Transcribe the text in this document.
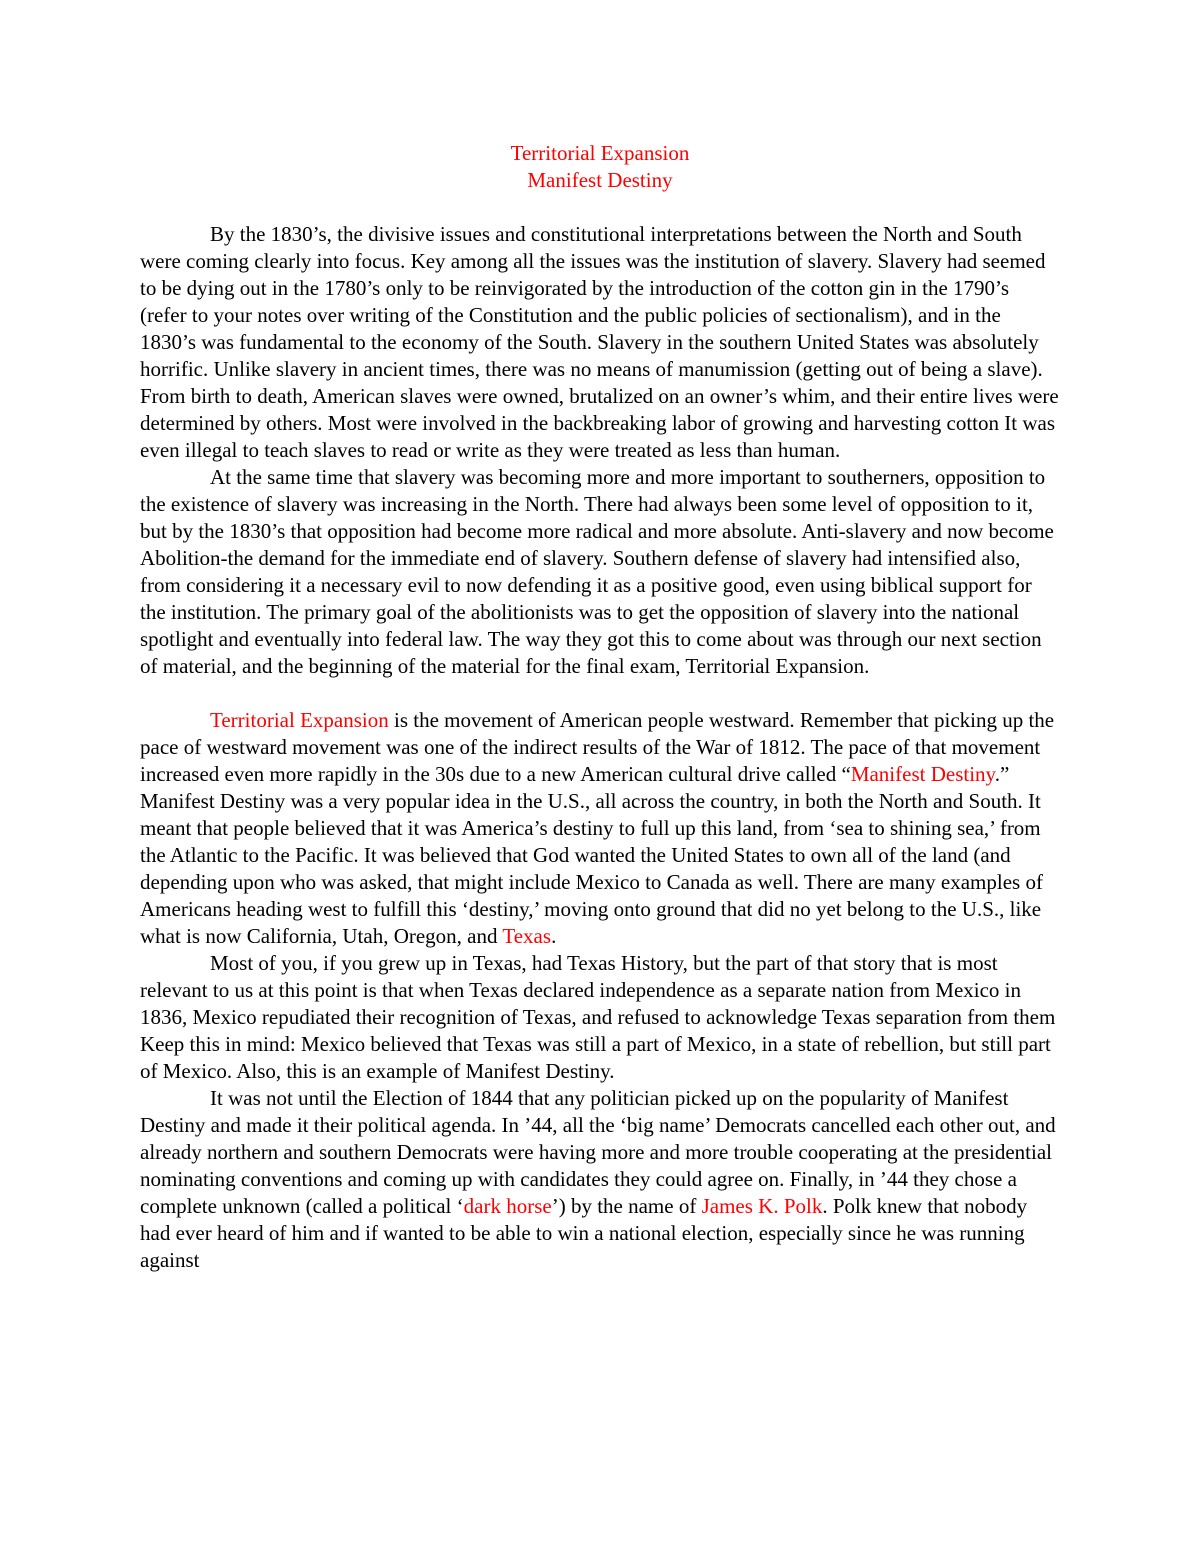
Territorial Expansion
Manifest Destiny

By the 1830’s, the divisive issues and constitutional interpretations between the North and South were coming clearly into focus. Key among all the issues was the institution of slavery. Slavery had seemed to be dying out in the 1780’s only to be reinvigorated by the introduction of the cotton gin in the 1790’s (refer to your notes over writing of the Constitution and the public policies of sectionalism), and in the 1830’s was fundamental to the economy of the South. Slavery in the southern United States was absolutely horrific. Unlike slavery in ancient times, there was no means of manumission (getting out of being a slave). From birth to death, American slaves were owned, brutalized on an owner’s whim, and their entire lives were determined by others. Most were involved in the backbreaking labor of growing and harvesting cotton It was even illegal to teach slaves to read or write as they were treated as less than human.

At the same time that slavery was becoming more and more important to southerners, opposition to the existence of slavery was increasing in the North. There had always been some level of opposition to it, but by the 1830’s that opposition had become more radical and more absolute. Anti-slavery and now become Abolition-the demand for the immediate end of slavery. Southern defense of slavery had intensified also, from considering it a necessary evil to now defending it as a positive good, even using biblical support for the institution. The primary goal of the abolitionists was to get the opposition of slavery into the national spotlight and eventually into federal law. The way they got this to come about was through our next section of material, and the beginning of the material for the final exam, Territorial Expansion.

Territorial Expansion is the movement of American people westward. Remember that picking up the pace of westward movement was one of the indirect results of the War of 1812. The pace of that movement increased even more rapidly in the 30s due to a new American cultural drive called “Manifest Destiny.” Manifest Destiny was a very popular idea in the U.S., all across the country, in both the North and South. It meant that people believed that it was America’s destiny to full up this land, from ‘sea to shining sea,’ from the Atlantic to the Pacific. It was believed that God wanted the United States to own all of the land (and depending upon who was asked, that might include Mexico to Canada as well. There are many examples of Americans heading west to fulfill this ‘destiny,’ moving onto ground that did no yet belong to the U.S., like what is now California, Utah, Oregon, and Texas.

Most of you, if you grew up in Texas, had Texas History, but the part of that story that is most relevant to us at this point is that when Texas declared independence as a separate nation from Mexico in 1836, Mexico repudiated their recognition of Texas, and refused to acknowledge Texas separation from them Keep this in mind: Mexico believed that Texas was still a part of Mexico, in a state of rebellion, but still part of Mexico. Also, this is an example of Manifest Destiny.

It was not until the Election of 1844 that any politician picked up on the popularity of Manifest Destiny and made it their political agenda. In ’44, all the ‘big name’ Democrats cancelled each other out, and already northern and southern Democrats were having more and more trouble cooperating at the presidential nominating conventions and coming up with candidates they could agree on. Finally, in ’44 they chose a complete unknown (called a political ‘dark horse’) by the name of James K. Polk. Polk knew that nobody had ever heard of him and if wanted to be able to win a national election, especially since he was running against
